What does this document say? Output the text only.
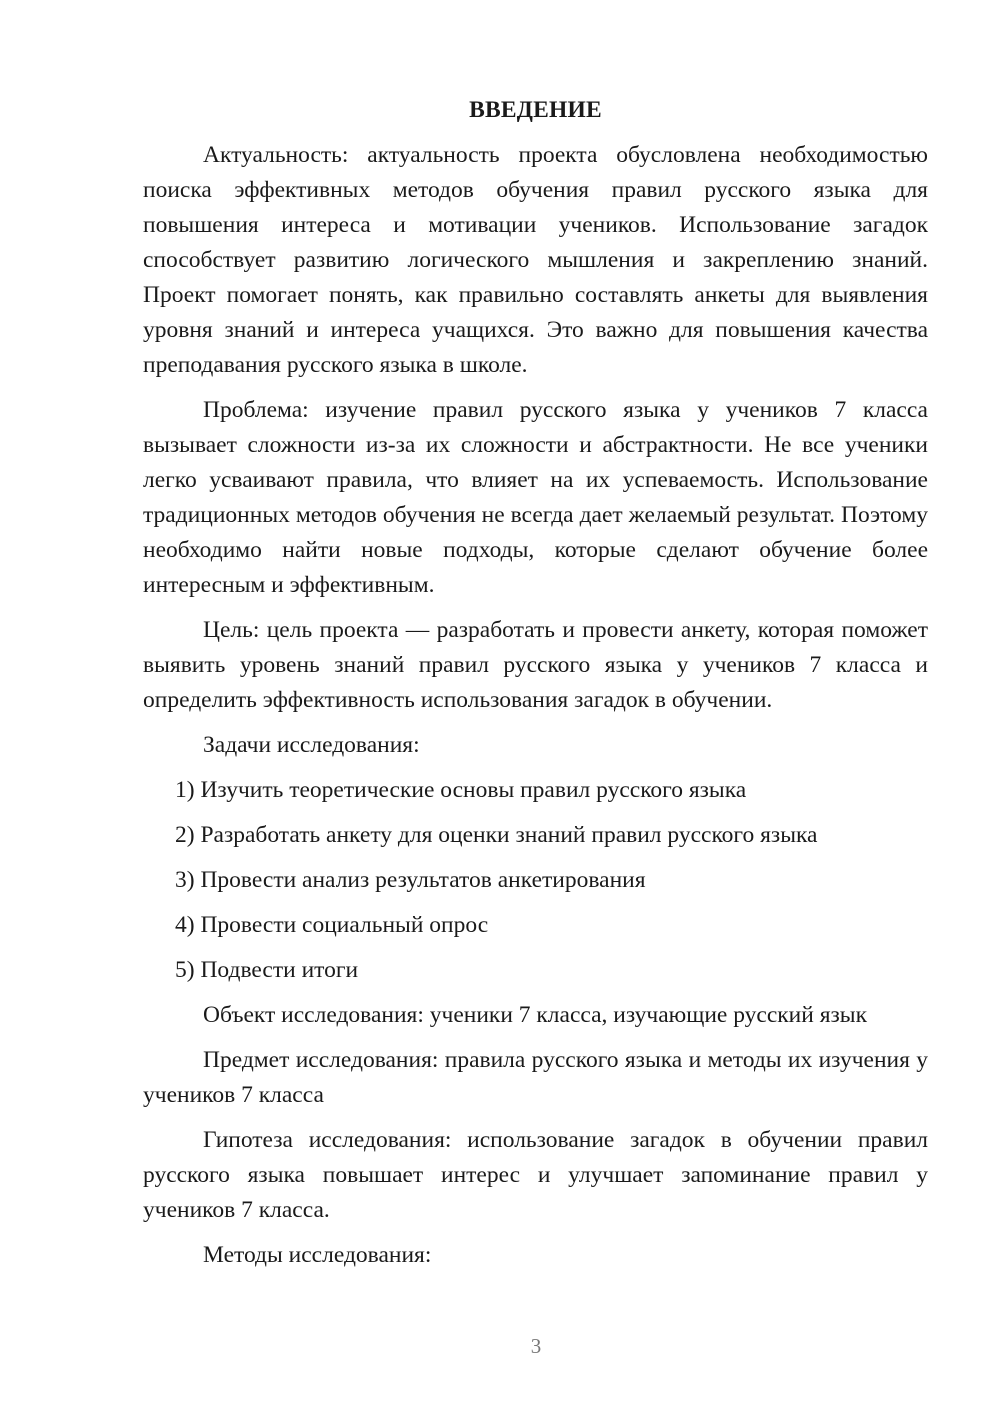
ВВЕДЕНИЕ

Актуальность: актуальность проекта обусловлена необходимостью поиска эффективных методов обучения правил русского языка для повышения интереса и мотивации учеников. Использование загадок способствует развитию логического мышления и закреплению знаний. Проект помогает понять, как правильно составлять анкеты для выявления уровня знаний и интереса учащихся. Это важно для повышения качества преподавания русского языка в школе.

Проблема: изучение правил русского языка у учеников 7 класса вызывает сложности из-за их сложности и абстрактности. Не все ученики легко усваивают правила, что влияет на их успеваемость. Использование традиционных методов обучения не всегда дает желаемый результат. Поэтому необходимо найти новые подходы, которые сделают обучение более интересным и эффективным.

Цель: цель проекта — разработать и провести анкету, которая поможет выявить уровень знаний правил русского языка у учеников 7 класса и определить эффективность использования загадок в обучении.

Задачи исследования:

1) Изучить теоретические основы правил русского языка

2) Разработать анкету для оценки знаний правил русского языка

3) Провести анализ результатов анкетирования

4) Провести социальный опрос

5) Подвести итоги

Объект исследования: ученики 7 класса, изучающие русский язык

Предмет исследования: правила русского языка и методы их изучения у учеников 7 класса

Гипотеза исследования: использование загадок в обучении правил русского языка повышает интерес и улучшает запоминание правил у учеников 7 класса.

Методы исследования:

3
